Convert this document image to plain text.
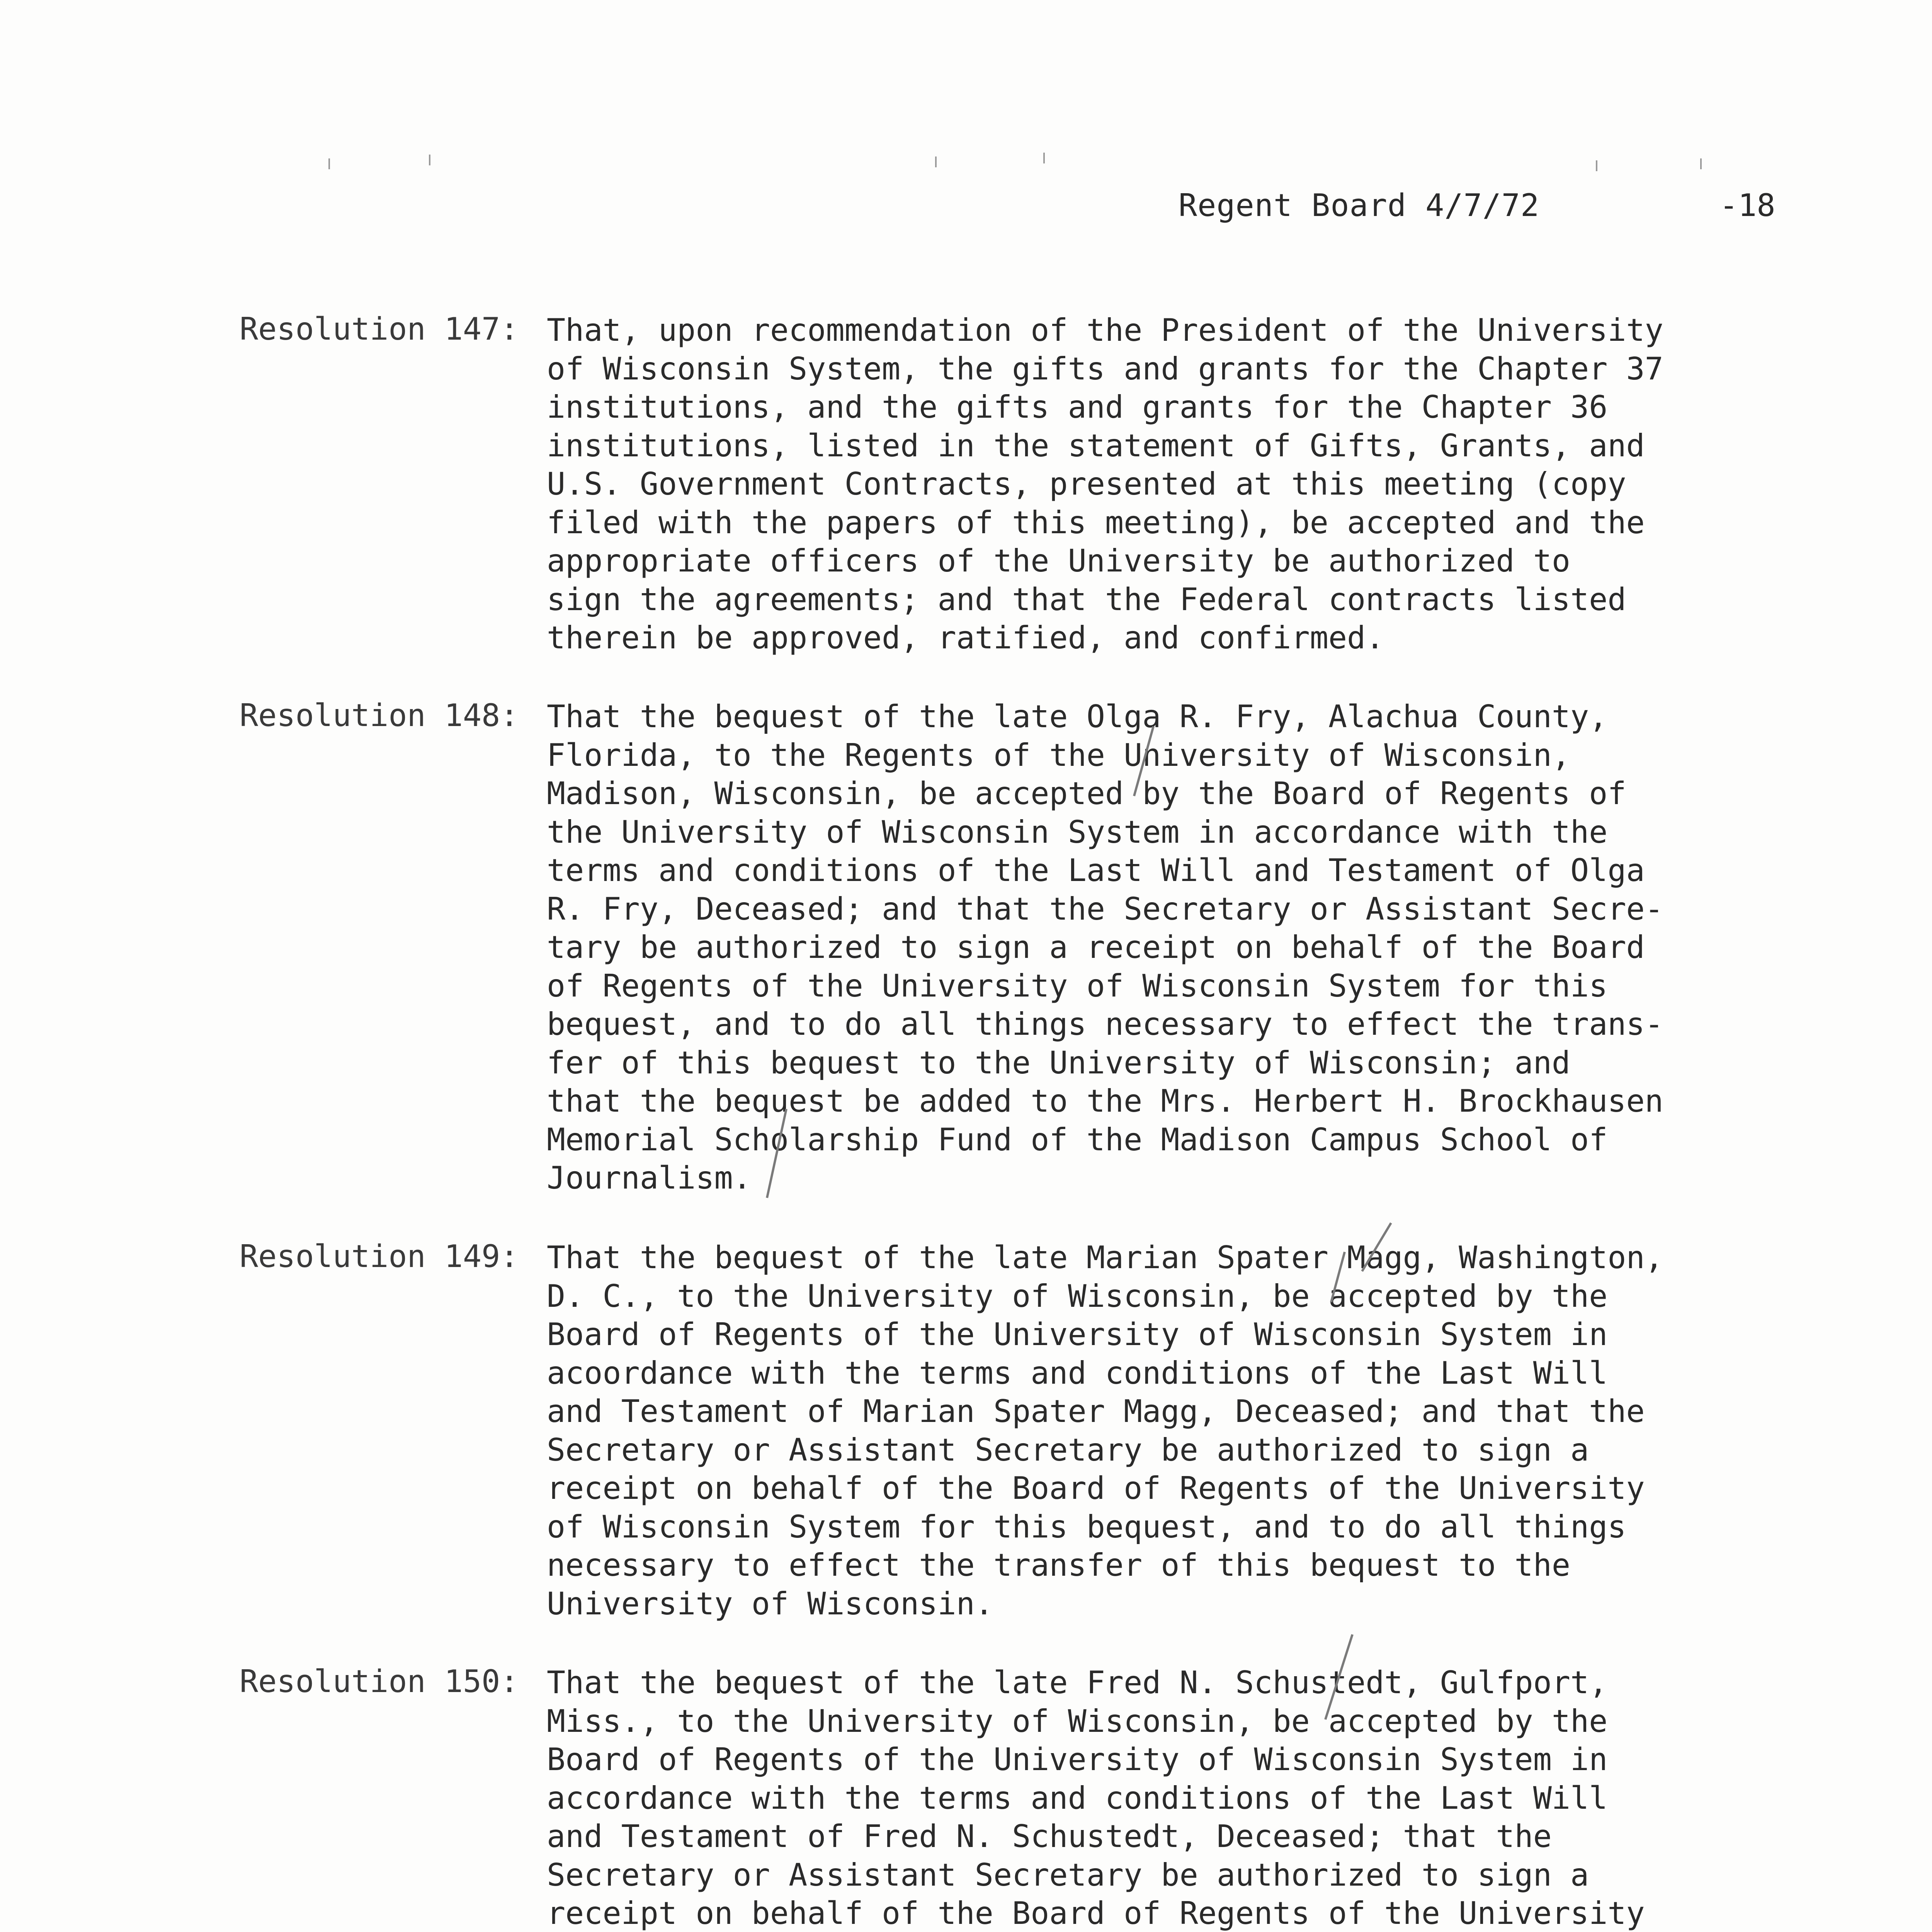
Regent Board 4/7/72	-18
Resolution 147: That, upon recommendation of the President of the University
of Wisconsin System, the gifts and grants for the Chapter 37
institutions, and the gifts and grants for the Chapter 36
institutions, listed in the statement of Gifts, Grants, and
U.S. Government Contracts, presented at this meeting (copy
filed with the papers of this meeting), be accepted and the
appropriate officers of the University be authorized to
sign the agreements; and that the Federal contracts listed
therein be approved, ratified, and confirmed.
Resolution 148: That the bequest of the late Olga R. Fry, Alachua County,
Florida, to the Regents of the University of Wisconsin,
Madison, Wisconsin, be accepted by the Board of Regents of
the University of Wisconsin System in accordance with the
terms and conditions of the Last Will and Testament of Olga
R. Fry, Deceased; and that the Secretary or Assistant Secre-
tary be authorized to sign a receipt on behalf of the Board
of Regents of the University of Wisconsin System for this
bequest, and to do all things necessary to effect the trans-
fer of this bequest to the University of Wisconsin; and
that the bequest be added to the Mrs. Herbert H. Brockhausen
Memorial Scholarship Fund of the Madison Campus School of
Journalism.
Resolution 149: That the bequest of the late Marian Spater Magg, Washington,
D. C., to the University of Wisconsin, be accepted by the
Board of Regents of the University of Wisconsin System in
acoordance with the terms and conditions of the Last Will
and Testament of Marian Spater Magg, Deceased; and that the
Secretary or Assistant Secretary be authorized to sign a
receipt on behalf of the Board of Regents of the University
of Wisconsin System for this bequest, and to do all things
necessary to effect the transfer of this bequest to the
University of Wisconsin.
Resolution 150: That the bequest of the late Fred N. Schustedt, Gulfport,
Miss., to the University of Wisconsin, be accepted by the
Board of Regents of the University of Wisconsin System in
accordance with the terms and conditions of the Last Will
and Testament of Fred N. Schustedt, Deceased; that the
Secretary or Assistant Secretary be authorized to sign a
receipt on behalf of the Board of Regents of the University
